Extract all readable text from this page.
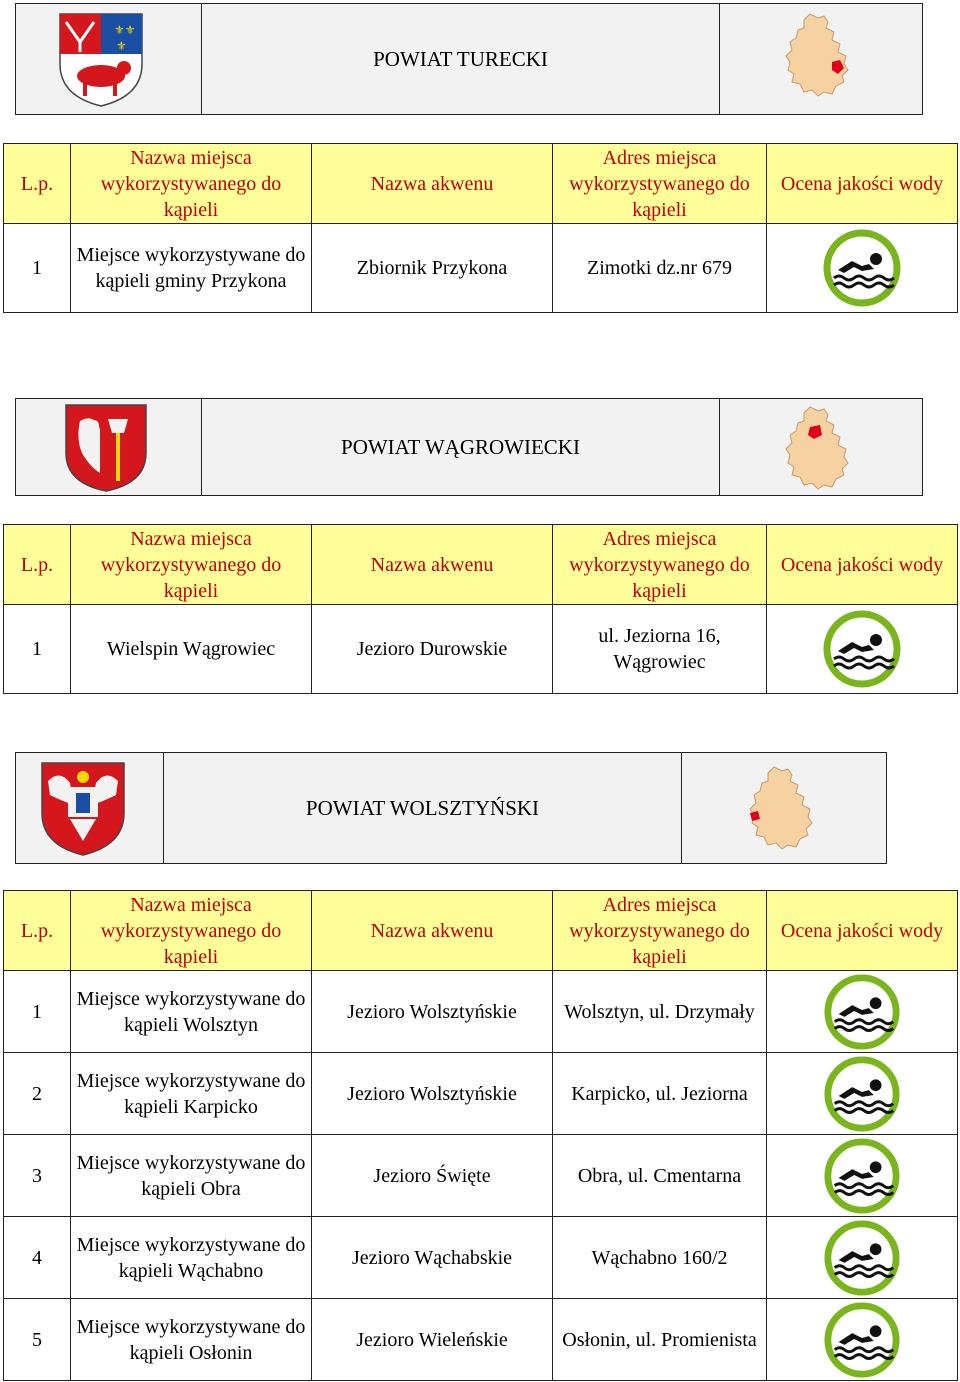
⚜⚜
⚜
POWIAT TURECKI
L.p.	Nazwa miejsca wykorzystywanego do kąpieli	Nazwa akwenu	Adres miejsca wykorzystywanego do kąpieli	Ocena jakości wody
1	Miejsce wykorzystywane do kąpieli gminy Przykona	Zbiornik Przykona	Zimotki dz.nr 679	
POWIAT WĄGROWIECKI
L.p.	Nazwa miejsca wykorzystywanego do kąpieli	Nazwa akwenu	Adres miejsca wykorzystywanego do kąpieli	Ocena jakości wody
1	Wielspin Wągrowiec	Jezioro Durowskie	ul. Jeziorna 16, Wągrowiec	
POWIAT WOLSZTYŃSKI
L.p.	Nazwa miejsca wykorzystywanego do kąpieli	Nazwa akwenu	Adres miejsca wykorzystywanego do kąpieli	Ocena jakości wody
1	Miejsce wykorzystywane do kąpieli Wolsztyn	Jezioro Wolsztyńskie	Wolsztyn, ul. Drzymały	
2	Miejsce wykorzystywane do kąpieli Karpicko	Jezioro Wolsztyńskie	Karpicko, ul. Jeziorna	
3	Miejsce wykorzystywane do kąpieli Obra	Jezioro Święte	Obra, ul. Cmentarna	
4	Miejsce wykorzystywane do kąpieli Wąchabno	Jezioro Wąchabskie	Wąchabno 160/2	
5	Miejsce wykorzystywane do kąpieli Osłonin	Jezioro Wieleńskie	Osłonin, ul. Promienista	
